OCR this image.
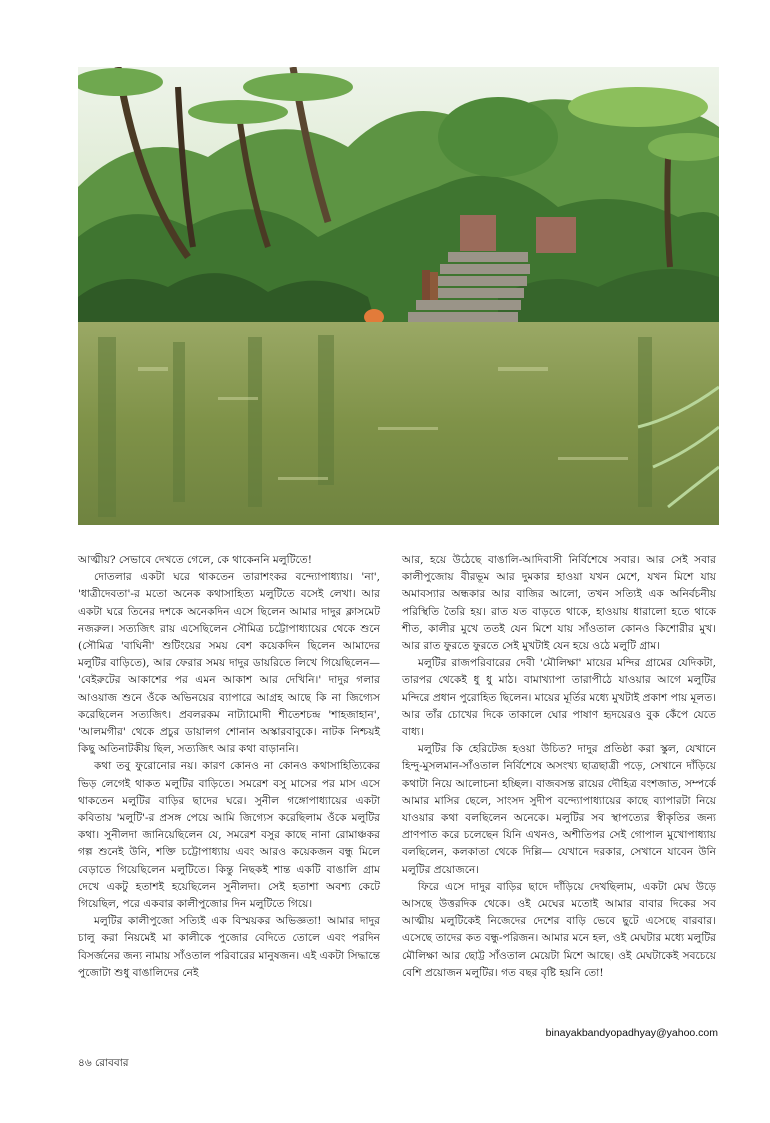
আত্মীয়? সেভাবে দেখতে গেলে, কে থাকেননি মলুটিতে!

দোতলার একটা ঘরে থাকতেন তারাশংকর বন্দ্যোপাধ্যায়। 'না', 'ধাত্রীদেবতা'-র মতো অনেক কথাসাহিত্য মলুটিতে বসেই লেখা। আর একটা ঘরে তিনের দশকে অনেকদিন এসে ছিলেন আমার দাদুর ক্লাসমেট নজরুল। সত্যজিৎ রায় এসেছিলেন সৌমিত্র চট্টোপাধ্যায়ের থেকে শুনে (সৌমিত্র 'বাঘিনী' শুটিংয়ের সময় বেশ কয়েকদিন ছিলেন আমাদের মলুটির বাড়িতে), আর ফেরার সময় দাদুর ডায়রিতে লিখে গিয়েছিলেন— 'বেইরুটের আকাশের পর এমন আকাশ আর দেখিনি।' দাদুর গলার আওয়াজ শুনে ওঁকে অভিনয়ের ব্যাপারে আগ্রহ আছে কি না জিগ্যেস করেছিলেন সত্যজিৎ। প্রবলরকম নাট্যামোদী শীতেশচন্দ্র 'শাহজাহান', 'আলমগীর' থেকে প্রচুর ডায়ালগ শোনান অস্কারবাবুকে। নাটক নিশ্চয়ই কিছু অতিনাটকীয় ছিল, সত্যজিৎ আর কথা বাড়াননি।

কথা তবু ফুরোনোর নয়। কারণ কোনও না কোনও কথাসাহিত্যিকের ভিড় লেগেই থাকত মলুটির বাড়িতে। সমরেশ বসু মাসের পর মাস এসে থাকতেন মলুটির বাড়ির ছাদের ঘরে। সুনীল গঙ্গোপাধ্যায়ের একটা কবিতায় 'মলুটি'-র প্রসঙ্গ পেয়ে আমি জিগ্যেস করেছিলাম ওঁকে মলুটির কথা। সুনীলদা জানিয়েছিলেন যে, সমরেশ বসুর কাছে নানা রোমাঞ্চকর গল্প শুনেই উনি, শক্তি চট্টোপাধ্যায় এবং আরও কয়েকজন বন্ধু মিলে বেড়াতে গিয়েছিলেন মলুটিতে। কিন্তু নিছকই শান্ত একটি বাঙালি গ্রাম দেখে একটু হতাশই হয়েছিলেন সুনীলদা। সেই হতাশা অবশ্য কেটে গিয়েছিল, পরে একবার কালীপুজোর দিন মলুটিতে গিয়ে।

মলুটির কালীপুজো সত্যিই এক বিস্ময়কর অভিজ্ঞতা! আমার দাদুর চালু করা নিয়মেই মা কালীকে পুজোর বেদিতে তোলে এবং পরদিন বিসর্জনের জন্য নামায় সাঁওতাল পরিবারের মানুষজন। এই একটা সিদ্ধান্তে পুজোটা শুধু বাঙালিদের নেই

আর, হয়ে উঠেছে বাঙালি-আদিবাসী নির্বিশেষে সবার। আর সেই সবার কালীপুজোয় বীরভূম আর দুমকার হাওয়া যখন মেশে, যখন মিশে যায় অমাবস্যার অন্ধকার আর বাজির আলো, তখন সত্যিই এক অনির্বচনীয় পরিস্থিতি তৈরি হয়। রাত যত বাড়তে থাকে, হাওয়ায় ধারালো হতে থাকে শীত, কালীর মুখে ততই যেন মিশে যায় সাঁওতাল কোনও কিশোরীর মুখ। আর রাত ফুরতে ফুরতে সেই মুখটাই যেন হয়ে ওঠে মলুটি গ্রাম।

মলুটির রাজপরিবারের দেবী 'মৌলিক্ষা' মায়ের মন্দির গ্রামের যেদিকটা, তারপর থেকেই ধু ধু মাঠ। বামাখ্যাপা তারাপীঠে যাওয়ার আগে মলুটির মন্দিরে প্রধান পুরোহিত ছিলেন। মায়ের মূর্তির মধ্যে মুখটাই প্রকাশ পায় মূলত। আর তাঁর চোখের দিকে তাকালে ঘোর পাষাণ হৃদয়েরও বুক কেঁপে যেতে বাধ্য।

মলুটির কি হেরিটেজ হওয়া উচিত? দাদুর প্রতিষ্ঠা করা স্কুল, যেখানে হিন্দু-মুসলমান-সাঁওতাল নির্বিশেষে অসংখ্য ছাত্রছাত্রী পড়ে, সেখানে দাঁড়িয়ে কথাটা নিয়ে আলোচনা হচ্ছিল। বাজবসন্ত রায়ের দৌহিত্র বংশজাত, সম্পর্কে আমার মাসির ছেলে, সাংসদ সুদীপ বন্দ্যোপাধ্যায়ের কাছে ব্যাপারটা নিয়ে যাওয়ার কথা বলছিলেন অনেকে। মলুটির সব স্থাপত্যের স্বীকৃতির জন্য প্রাণপাত করে চলেছেন যিনি এখনও, অশীতিপর সেই গোপাল মুখোপাধ্যায় বলছিলেন, কলকাতা থেকে দিল্লি— যেখানে দরকার, সেখানে যাবেন উনি মলুটির প্রয়োজনে।

ফিরে এসে দাদুর বাড়ির ছাদে দাঁড়িয়ে দেখছিলাম, একটা মেঘ উড়ে আসছে উত্তরদিক থেকে। ওই মেঘের মতোই আমার বাবার দিকের সব আত্মীয় মলুটিকেই নিজেদের দেশের বাড়ি ভেবে ছুটে এসেছে বারবার। এসেছে তাদের কত বন্ধু-পরিজন। আমার মনে হল, ওই মেঘটার মধ্যে মলুটির মৌলিক্ষা আর ছোট্ট সাঁওতাল মেয়েটা মিশে আছে। ওই মেঘটাকেই সবচেয়ে বেশি প্রয়োজন মলুটির। গত বছর বৃষ্টি হয়নি তো!

binayakbandyopadhyay@yahoo.com
৪৬ রোববার
